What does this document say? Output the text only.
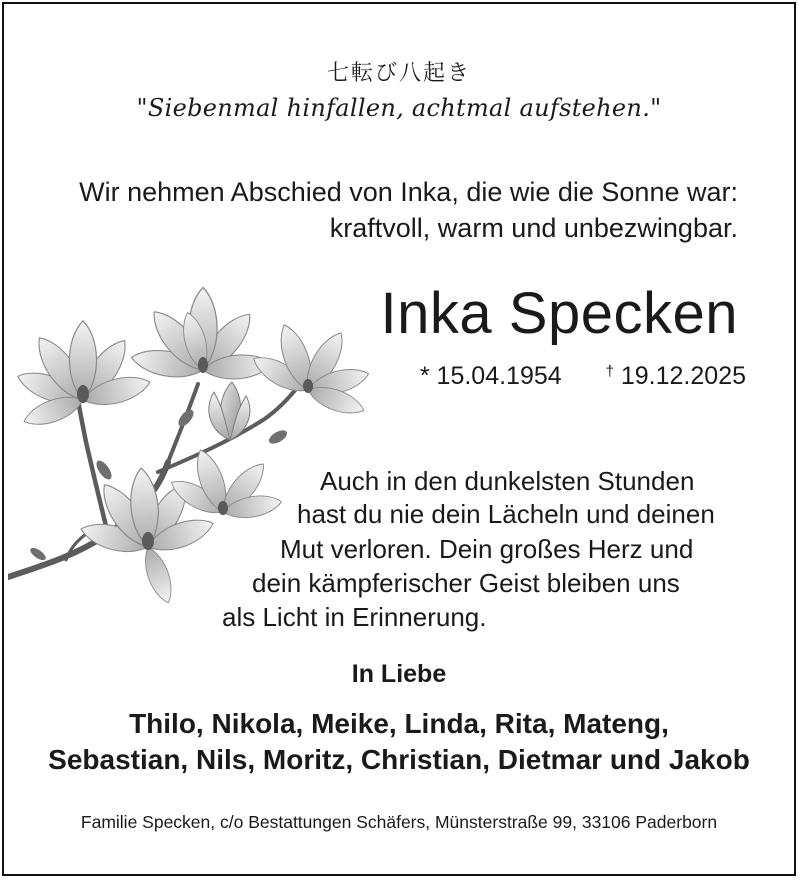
七転び八起き

"Siebenmal hinfallen, achtmal aufstehen."

Wir nehmen Abschied von Inka, die wie die Sonne war:
kraftvoll, warm und unbezwingbar.
Inka Specken
* 15.04.1954	† 19.12.2025
Auch in den dunkelsten Stunden
hast du nie dein Lächeln und deinen
Mut verloren. Dein großes Herz und
dein kämpferischer Geist bleiben uns
als Licht in Erinnerung.
In Liebe
Thilo, Nikola, Meike, Linda, Rita, Mateng,
Sebastian, Nils, Moritz, Christian, Dietmar und Jakob
Familie Specken, c/o Bestattungen Schäfers, Münsterstraße 99, 33106 Paderborn
